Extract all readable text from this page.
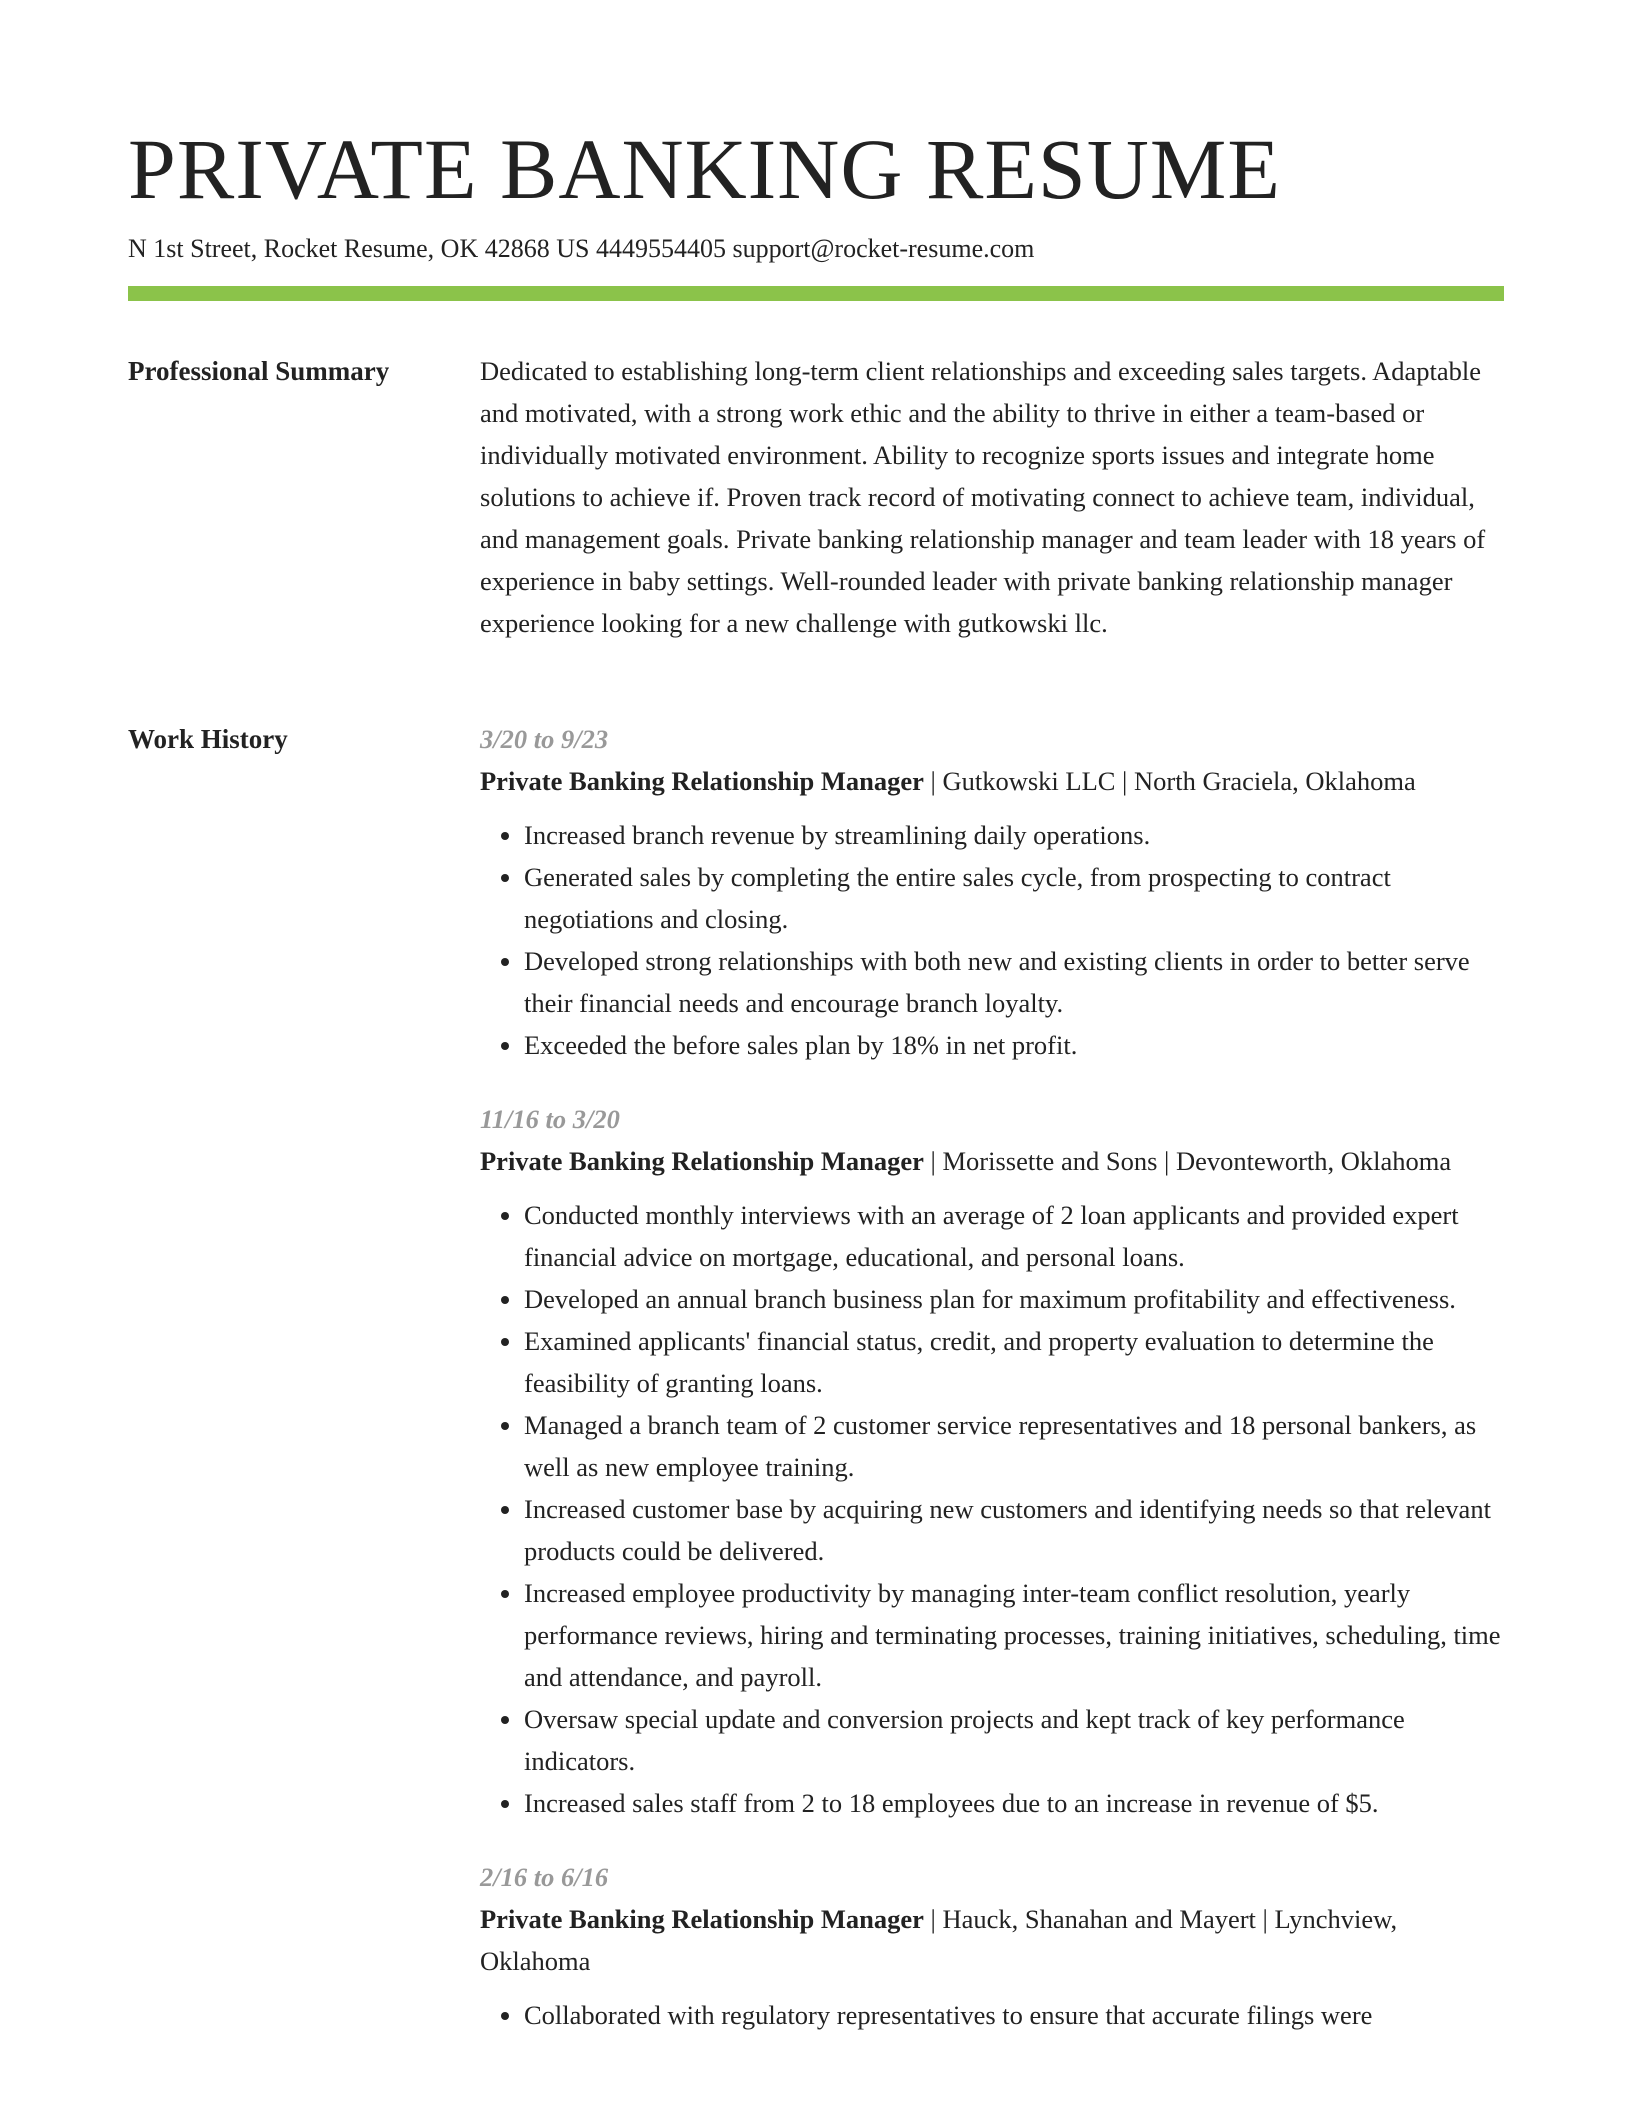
PRIVATE BANKING RESUME
N 1st Street, Rocket Resume, OK 42868 US 4449554405 support@rocket-resume.com
Professional Summary	Dedicated to establishing long-term client relationships and exceeding sales targets. Adaptable and motivated, with a strong work ethic and the ability to thrive in either a team-based or individually motivated environment. Ability to recognize sports issues and integrate home solutions to achieve if. Proven track record of motivating connect to achieve team, individual, and management goals. Private banking relationship manager and team leader with 18 years of experience in baby settings. Well-rounded leader with private banking relationship manager experience looking for a new challenge with gutkowski llc.

Work History	3/20 to 9/23
Private Banking Relationship Manager | Gutkowski LLC | North Graciela, Oklahoma
• Increased branch revenue by streamlining daily operations.
• Generated sales by completing the entire sales cycle, from prospecting to contract negotiations and closing.
• Developed strong relationships with both new and existing clients in order to better serve their financial needs and encourage branch loyalty.
• Exceeded the before sales plan by 18% in net profit.
11/16 to 3/20
Private Banking Relationship Manager | Morissette and Sons | Devonteworth, Oklahoma
• Conducted monthly interviews with an average of 2 loan applicants and provided expert financial advice on mortgage, educational, and personal loans.
• Developed an annual branch business plan for maximum profitability and effectiveness.
• Examined applicants' financial status, credit, and property evaluation to determine the feasibility of granting loans.
• Managed a branch team of 2 customer service representatives and 18 personal bankers, as well as new employee training.
• Increased customer base by acquiring new customers and identifying needs so that relevant products could be delivered.
• Increased employee productivity by managing inter-team conflict resolution, yearly performance reviews, hiring and terminating processes, training initiatives, scheduling, time and attendance, and payroll.
• Oversaw special update and conversion projects and kept track of key performance indicators.
• Increased sales staff from 2 to 18 employees due to an increase in revenue of $5.
2/16 to 6/16
Private Banking Relationship Manager | Hauck, Shanahan and Mayert | Lynchview, Oklahoma
• Collaborated with regulatory representatives to ensure that accurate filings were
